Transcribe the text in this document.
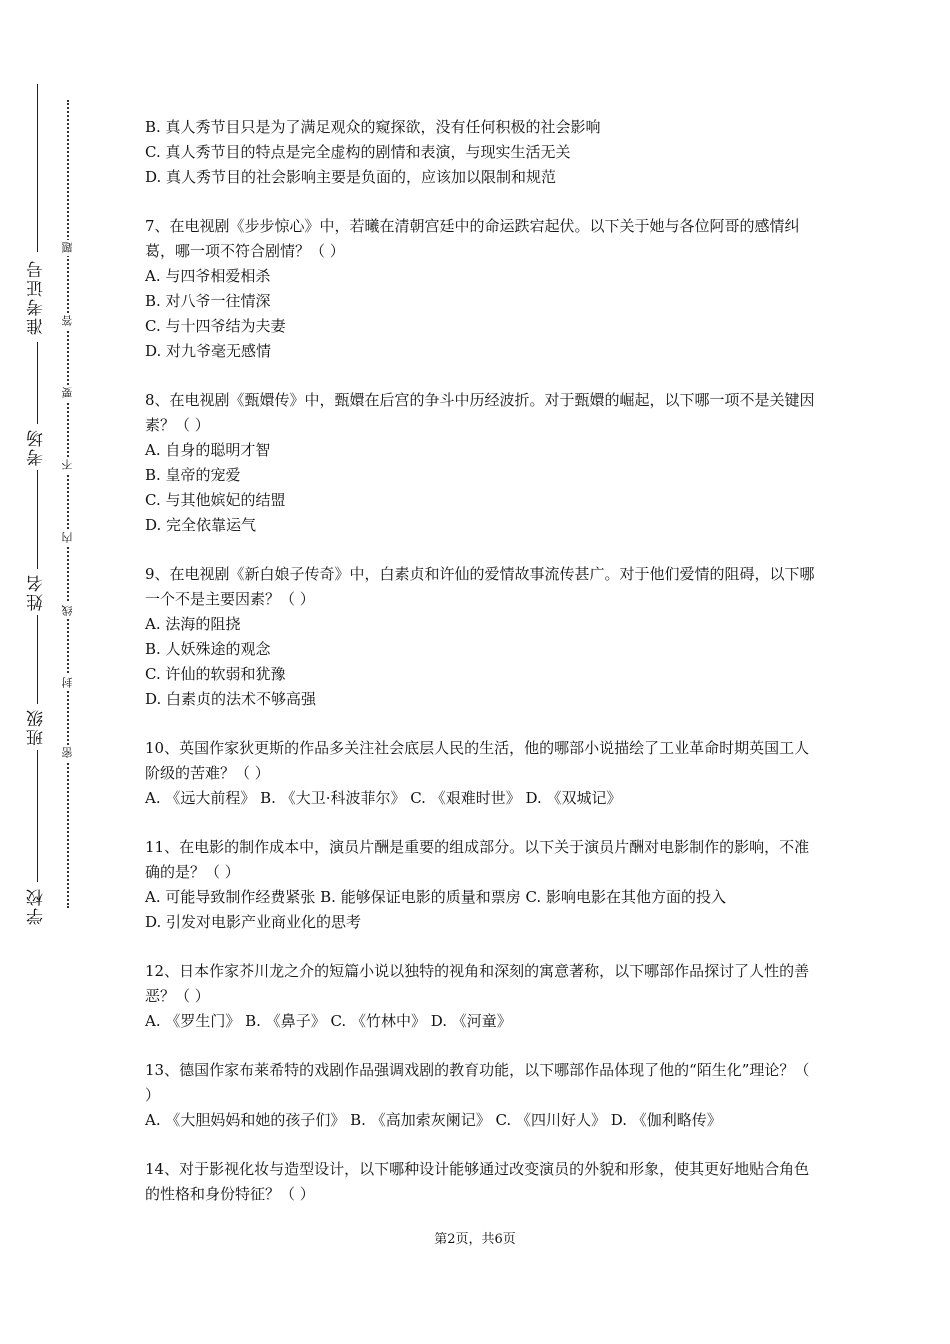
学校
班级
姓名
考场
准考证号
密
封
线
内
不
要
答
题
B. 真人秀节目只是为了满足观众的窥探欲，没有任何积极的社会影响
C. 真人秀节目的特点是完全虚构的剧情和表演，与现实生活无关
D. 真人秀节目的社会影响主要是负面的，应该加以限制和规范
7、在电视剧《步步惊心》中，若曦在清朝宫廷中的命运跌宕起伏。以下关于她与各位阿哥的感情纠葛，哪一项不符合剧情？（ ）
A. 与四爷相爱相杀
B. 对八爷一往情深
C. 与十四爷结为夫妻
D. 对九爷毫无感情
8、在电视剧《甄嬛传》中，甄嬛在后宫的争斗中历经波折。对于甄嬛的崛起，以下哪一项不是关键因素？（ ）
A. 自身的聪明才智
B. 皇帝的宠爱
C. 与其他嫔妃的结盟
D. 完全依靠运气
9、在电视剧《新白娘子传奇》中，白素贞和许仙的爱情故事流传甚广。对于他们爱情的阻碍，以下哪一个不是主要因素？（ ）
A. 法海的阻挠
B. 人妖殊途的观念
C. 许仙的软弱和犹豫
D. 白素贞的法术不够高强
10、英国作家狄更斯的作品多关注社会底层人民的生活，他的哪部小说描绘了工业革命时期英国工人阶级的苦难？（ ）
A. 《远大前程》 B. 《大卫·科波菲尔》 C. 《艰难时世》 D. 《双城记》
11、在电影的制作成本中，演员片酬是重要的组成部分。以下关于演员片酬对电影制作的影响，不准确的是？（ ）
A. 可能导致制作经费紧张 B. 能够保证电影的质量和票房 C. 影响电影在其他方面的投入
D. 引发对电影产业商业化的思考
12、日本作家芥川龙之介的短篇小说以独特的视角和深刻的寓意著称，以下哪部作品探讨了人性的善恶？（ ）
A. 《罗生门》 B. 《鼻子》 C. 《竹林中》 D. 《河童》
13、德国作家布莱希特的戏剧作品强调戏剧的教育功能，以下哪部作品体现了他的“陌生化”理论？（ ）
A. 《大胆妈妈和她的孩子们》 B. 《高加索灰阑记》 C. 《四川好人》 D. 《伽利略传》
14、对于影视化妆与造型设计，以下哪种设计能够通过改变演员的外貌和形象，使其更好地贴合角色的性格和身份特征？（ ）
第2页，共6页
